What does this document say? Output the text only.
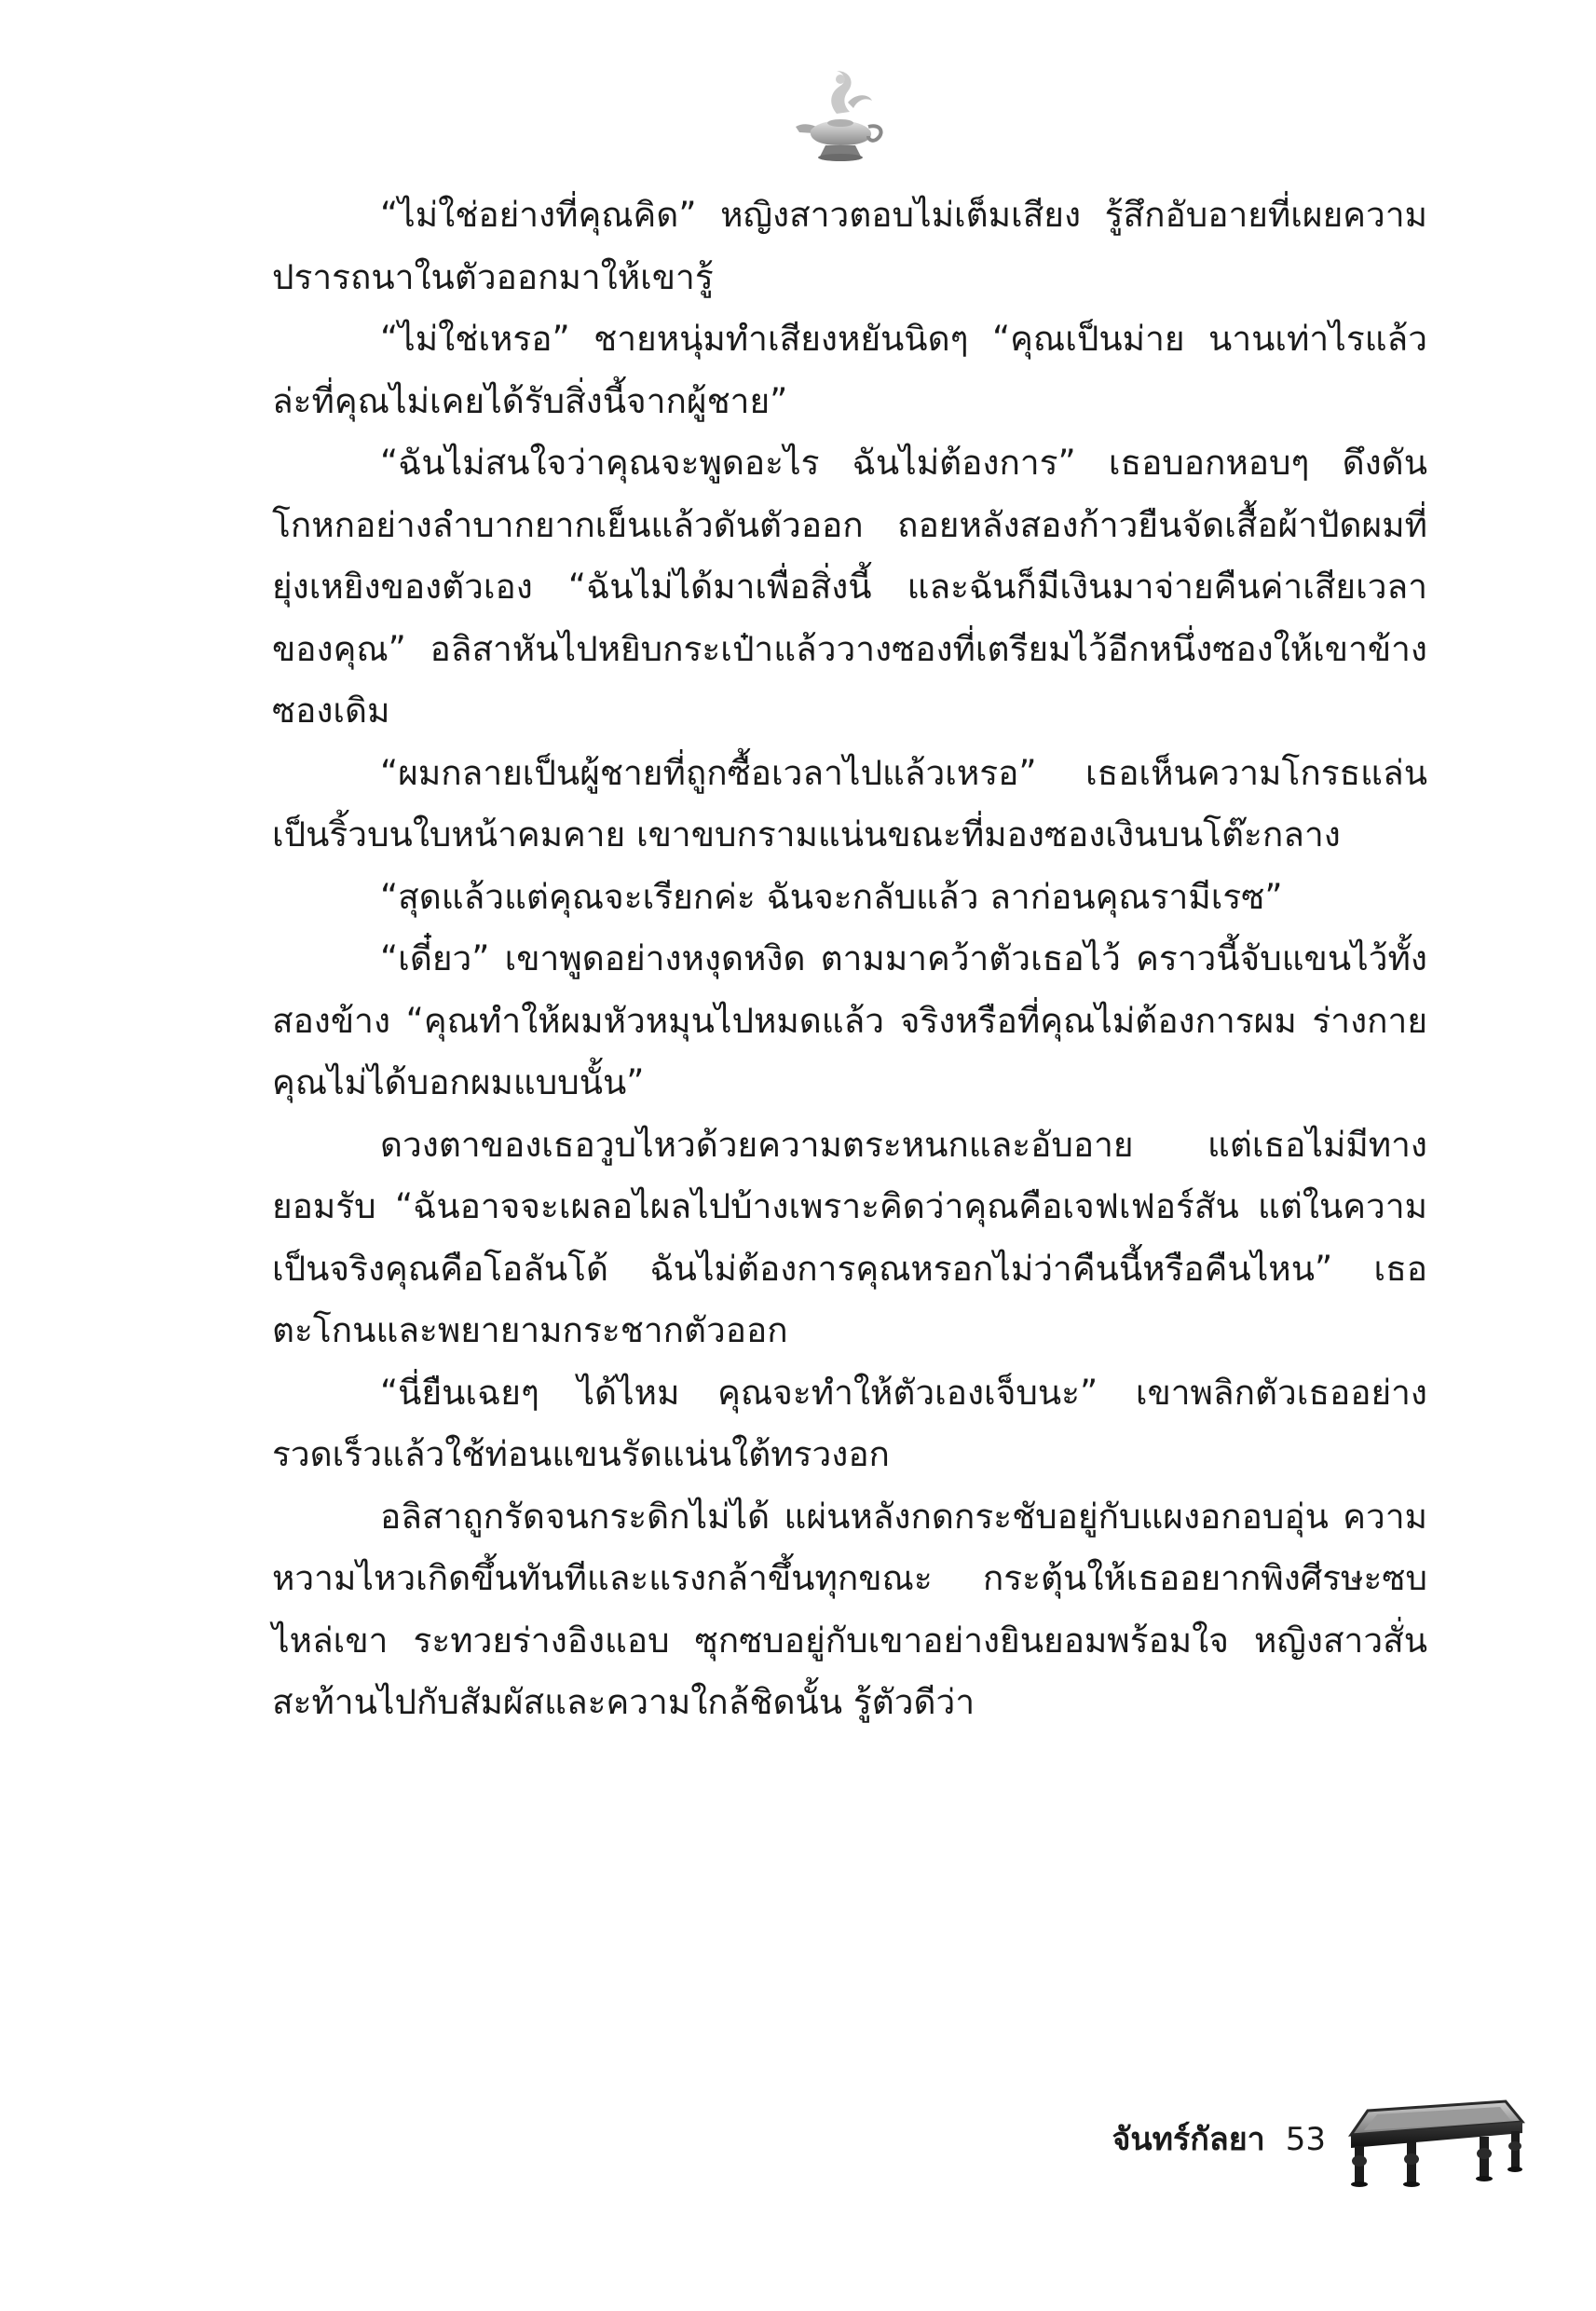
“ไม่ใช่อย่างที่คุณคิด” หญิงสาวตอบไม่เต็มเสียง รู้สึกอับอายที่เผยความปรารถนาในตัวออกมาให้เขารู้

“ไม่ใช่เหรอ” ชายหนุ่มทำเสียงหยันนิดๆ “คุณเป็นม่าย นานเท่าไรแล้วล่ะที่คุณไม่เคยได้รับสิ่งนี้จากผู้ชาย”

“ฉันไม่สนใจว่าคุณจะพูดอะไร ฉันไม่ต้องการ” เธอบอกหอบๆ ดึงดันโกหกอย่างลำบากยากเย็นแล้วดันตัวออก ถอยหลังสองก้าวยืนจัดเสื้อผ้าปัดผมที่ยุ่งเหยิงของตัวเอง “ฉันไม่ได้มาเพื่อสิ่งนี้ และฉันก็มีเงินมาจ่ายคืนค่าเสียเวลาของคุณ” อลิสาหันไปหยิบกระเป๋าแล้ววางซองที่เตรียมไว้อีกหนึ่งซองให้เขาข้างซองเดิม

“ผมกลายเป็นผู้ชายที่ถูกซื้อเวลาไปแล้วเหรอ” เธอเห็นความโกรธแล่นเป็นริ้วบนใบหน้าคมคาย เขาขบกรามแน่นขณะที่มองซองเงินบนโต๊ะกลาง

“สุดแล้วแต่คุณจะเรียกค่ะ ฉันจะกลับแล้ว ลาก่อนคุณรามีเรซ”

“เดี๋ยว” เขาพูดอย่างหงุดหงิด ตามมาคว้าตัวเธอไว้ คราวนี้จับแขนไว้ทั้งสองข้าง “คุณทำให้ผมหัวหมุนไปหมดแล้ว จริงหรือที่คุณไม่ต้องการผม ร่างกายคุณไม่ได้บอกผมแบบนั้น”

ดวงตาของเธอวูบไหวด้วยความตระหนกและอับอาย แต่เธอไม่มีทางยอมรับ “ฉันอาจจะเผลอไผลไปบ้างเพราะคิดว่าคุณคือเจฟเฟอร์สัน แต่ในความเป็นจริงคุณคือโอลันโด้ ฉันไม่ต้องการคุณหรอกไม่ว่าคืนนี้หรือคืนไหน” เธอตะโกนและพยายามกระชากตัวออก

“นี่ยืนเฉยๆ ได้ไหม คุณจะทำให้ตัวเองเจ็บนะ” เขาพลิกตัวเธออย่างรวดเร็วแล้วใช้ท่อนแขนรัดแน่นใต้ทรวงอก

อลิสาถูกรัดจนกระดิกไม่ได้ แผ่นหลังกดกระชับอยู่กับแผงอกอบอุ่น ความหวามไหวเกิดขึ้นทันทีและแรงกล้าขึ้นทุกขณะ กระตุ้นให้เธออยากพิงศีรษะซบไหล่เขา ระทวยร่างอิงแอบ ซุกซบอยู่กับเขาอย่างยินยอมพร้อมใจ หญิงสาวสั่นสะท้านไปกับสัมผัสและความใกล้ชิดนั้น รู้ตัวดีว่า

จันทร์กัลยา 53
